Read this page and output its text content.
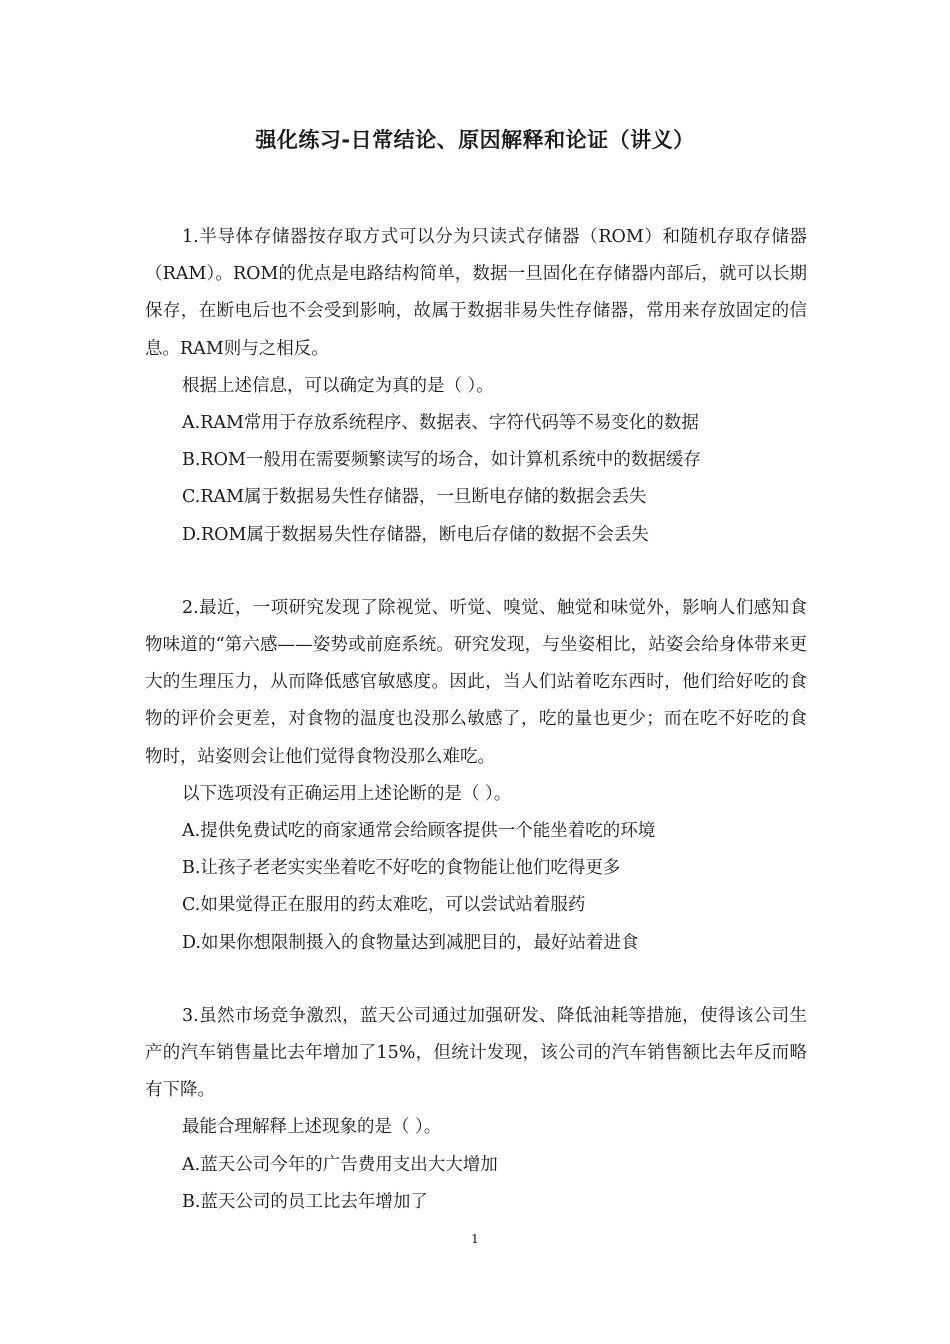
强化练习-日常结论、原因解释和论证（讲义）

1.半导体存储器按存取方式可以分为只读式存储器（ROM）和随机存取存储器（RAM）。ROM的优点是电路结构简单，数据一旦固化在存储器内部后，就可以长期保存，在断电后也不会受到影响，故属于数据非易失性存储器，常用来存放固定的信息。RAM则与之相反。

根据上述信息，可以确定为真的是（ ）。

A.RAM常用于存放系统程序、数据表、字符代码等不易变化的数据

B.ROM一般用在需要频繁读写的场合，如计算机系统中的数据缓存

C.RAM属于数据易失性存储器，一旦断电存储的数据会丢失

D.ROM属于数据易失性存储器，断电后存储的数据不会丢失

2.最近，一项研究发现了除视觉、听觉、嗅觉、触觉和味觉外，影响人们感知食物味道的“第六感——姿势或前庭系统。研究发现，与坐姿相比，站姿会给身体带来更大的生理压力，从而降低感官敏感度。因此，当人们站着吃东西时，他们给好吃的食物的评价会更差，对食物的温度也没那么敏感了，吃的量也更少；而在吃不好吃的食物时，站姿则会让他们觉得食物没那么难吃。

以下选项没有正确运用上述论断的是（ ）。

A.提供免费试吃的商家通常会给顾客提供一个能坐着吃的环境

B.让孩子老老实实坐着吃不好吃的食物能让他们吃得更多

C.如果觉得正在服用的药太难吃，可以尝试站着服药

D.如果你想限制摄入的食物量达到减肥目的，最好站着进食

3.虽然市场竞争激烈，蓝天公司通过加强研发、降低油耗等措施，使得该公司生产的汽车销售量比去年增加了15%，但统计发现，该公司的汽车销售额比去年反而略有下降。

最能合理解释上述现象的是（ ）。

A.蓝天公司今年的广告费用支出大大增加

B.蓝天公司的员工比去年增加了

1
